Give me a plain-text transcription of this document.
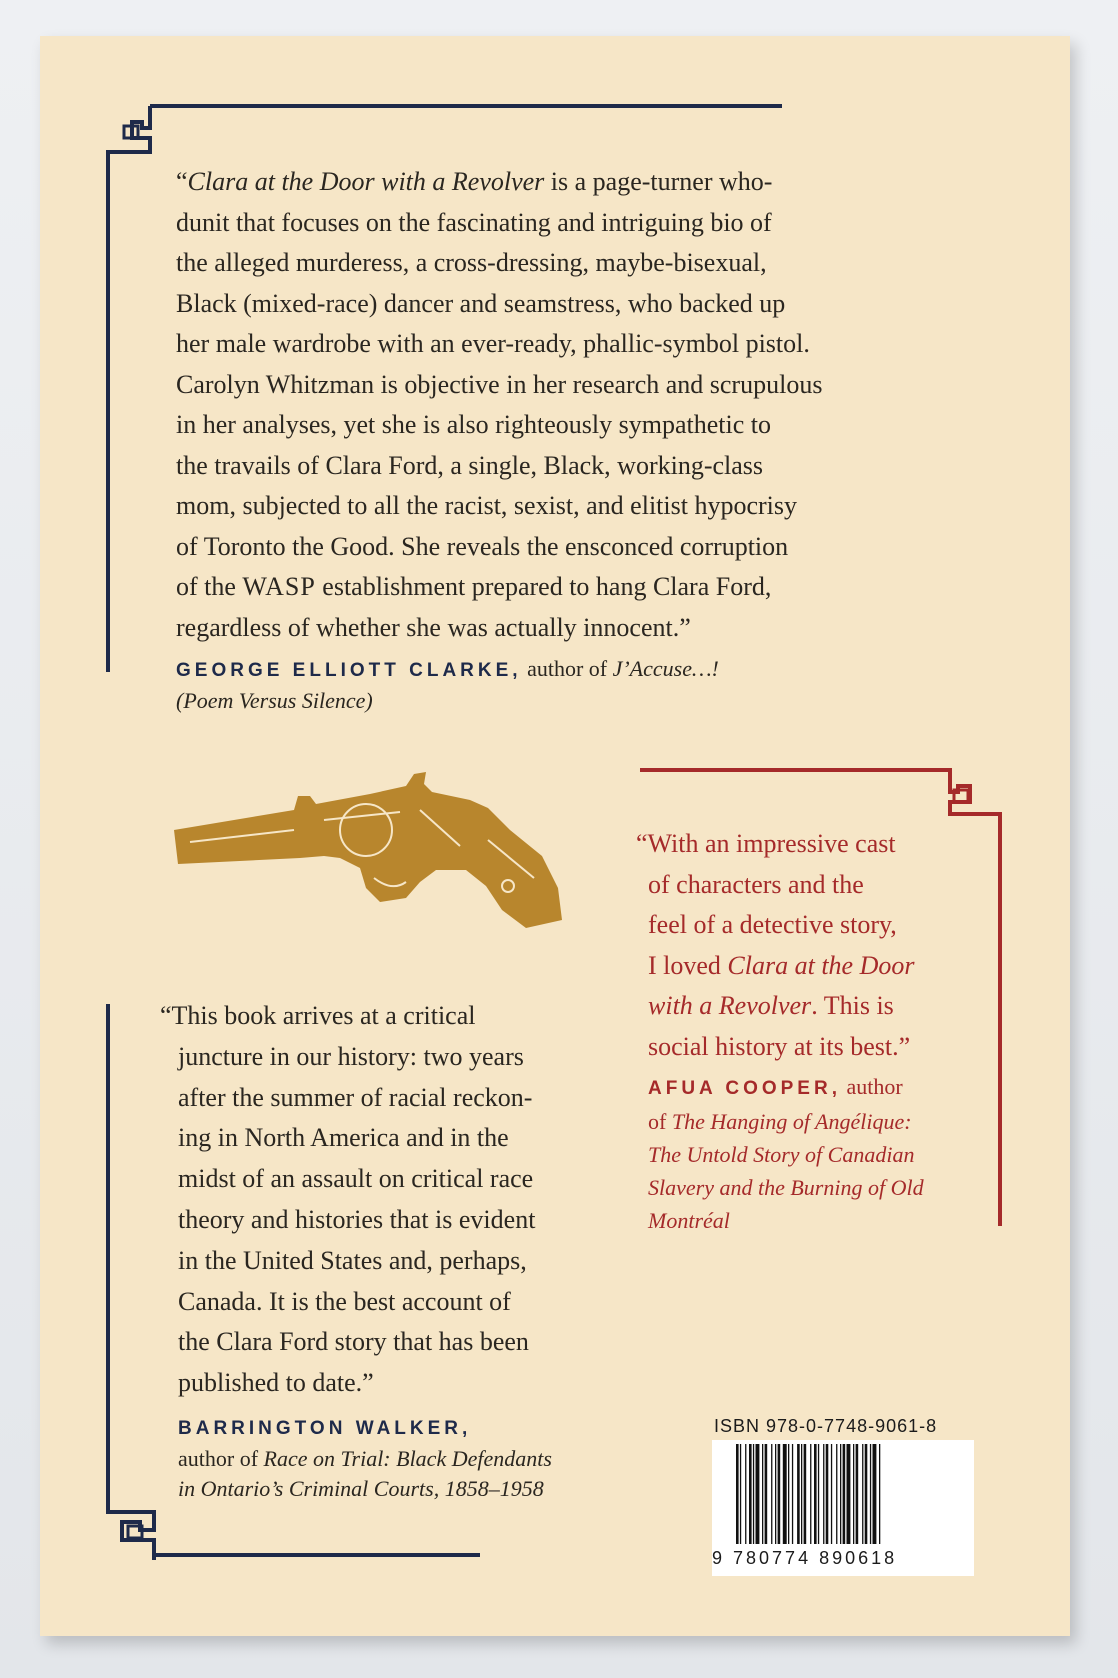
“Clara at the Door with a Revolver is a page-turner who-

dunit that focuses on the fascinating and intriguing bio of

the alleged murderess, a cross-dressing, maybe-bisexual,

Black (mixed-race) dancer and seamstress, who backed up

her male wardrobe with an ever-ready, phallic-symbol pistol.

Carolyn Whitzman is objective in her research and scrupulous

in her analyses, yet she is also righteously sympathetic to

the travails of Clara Ford, a single, Black, working-class

mom, subjected to all the racist, sexist, and elitist hypocrisy

of Toronto the Good. She reveals the ensconced corruption

of the WASP establishment prepared to hang Clara Ford,

regardless of whether she was actually innocent.”

GEORGE ELLIOTT CLARKE, author of J’Accuse…!
(Poem Versus Silence)

“This book arrives at a critical

juncture in our history: two years

after the summer of racial reckon-

ing in North America and in the

midst of an assault on critical race

theory and histories that is evident

in the United States and, perhaps,

Canada. It is the best account of

the Clara Ford story that has been

published to date.”

BARRINGTON WALKER,
author of Race on Trial: Black Defendants
in Ontario’s Criminal Courts, 1858–1958

“With an impressive cast

of characters and the

feel of a detective story,

I loved Clara at the Door

with a Revolver. This is

social history at its best.”

AFUA COOPER, author
of The Hanging of Angélique:
The Untold Story of Canadian
Slavery and the Burning of Old
Montréal
ISBN 978-0-7748-9061-8
9 780774 890618
